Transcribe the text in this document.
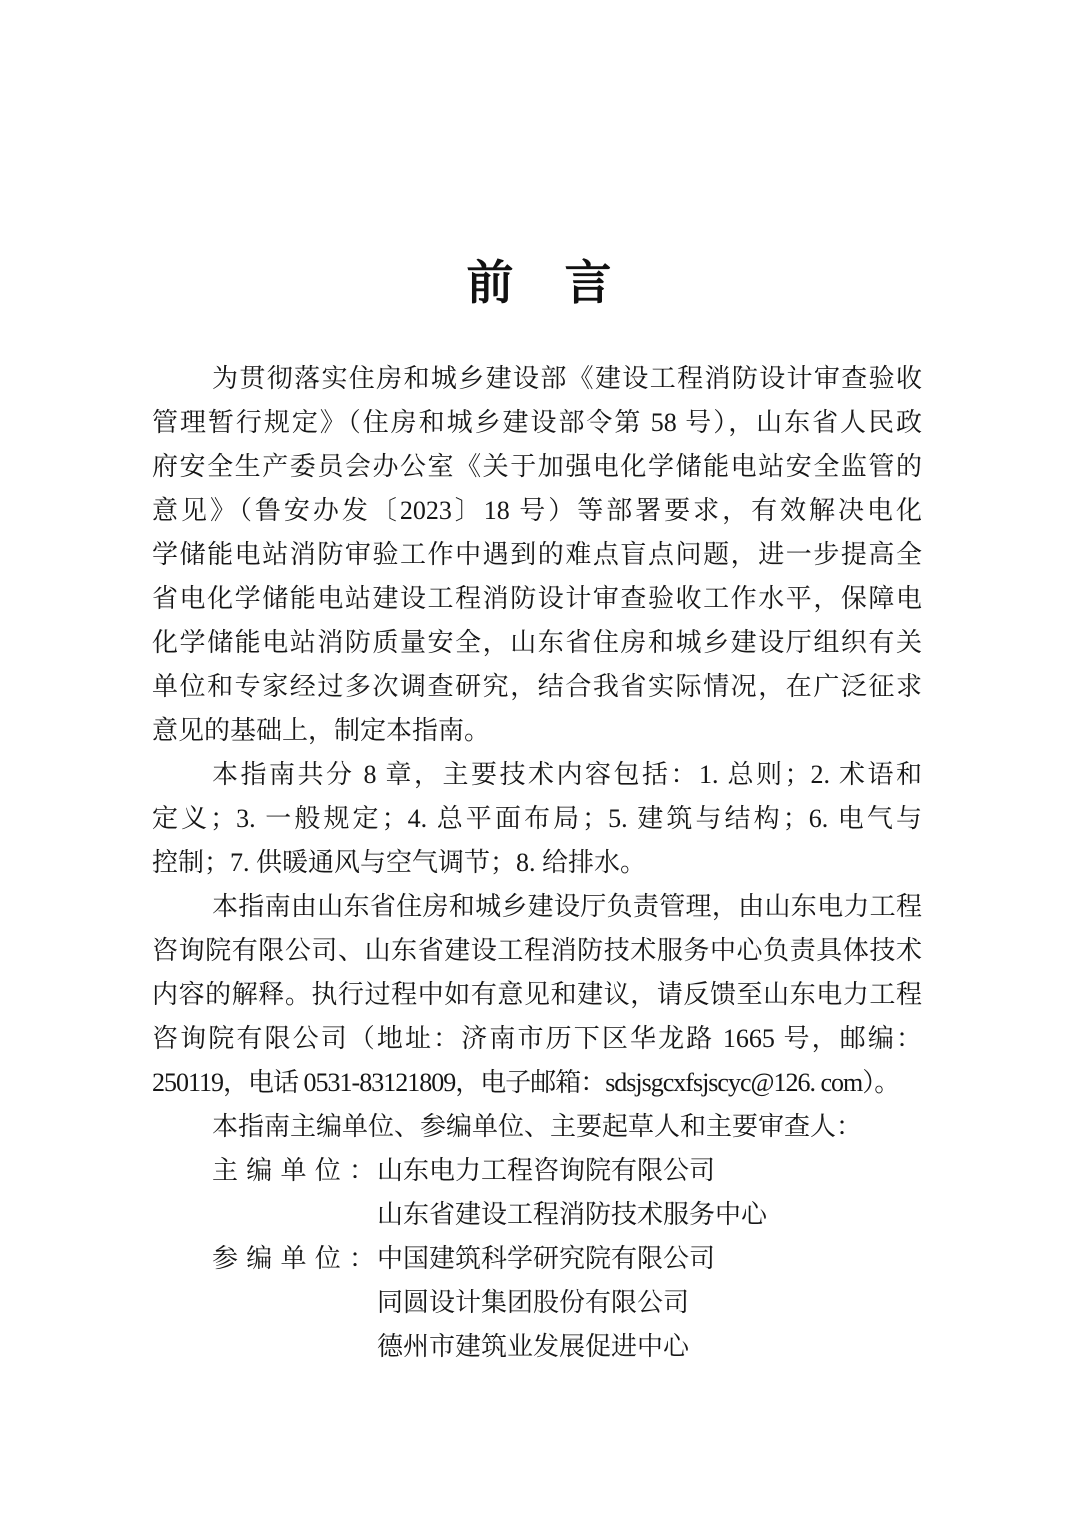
前　言
为贯彻落实住房和城乡建设部《建设工程消防设计审查验收
管理暂行规定》（住房和城乡建设部令第 58 号），山东省人民政
府安全生产委员会办公室《关于加强电化学储能电站安全监管的
意见》（鲁安办发〔2023〕18 号）等部署要求，有效解决电化
学储能电站消防审验工作中遇到的难点盲点问题，进一步提高全
省电化学储能电站建设工程消防设计审查验收工作水平，保障电
化学储能电站消防质量安全，山东省住房和城乡建设厅组织有关
单位和专家经过多次调查研究，结合我省实际情况，在广泛征求
意见的基础上，制定本指南。
本指南共分 8 章，主要技术内容包括：1. 总则；2. 术语和
定义；3. 一般规定；4. 总平面布局；5. 建筑与结构；6. 电气与
控制；7. 供暖通风与空气调节；8. 给排水。
本指南由山东省住房和城乡建设厅负责管理，由山东电力工程
咨询院有限公司、山东省建设工程消防技术服务中心负责具体技术
内容的解释。执行过程中如有意见和建议，请反馈至山东电力工程
咨询院有限公司（地址：济南市历下区华龙路 1665 号，邮编：
250119，电话 0531-83121809，电子邮箱：sdsjsgcxfsjscyc@126. com）。
本指南主编单位、参编单位、主要起草人和主要审查人：
主编单位： 山东电力工程咨询院有限公司
山东省建设工程消防技术服务中心
参编单位： 中国建筑科学研究院有限公司
同圆设计集团股份有限公司
德州市建筑业发展促进中心
